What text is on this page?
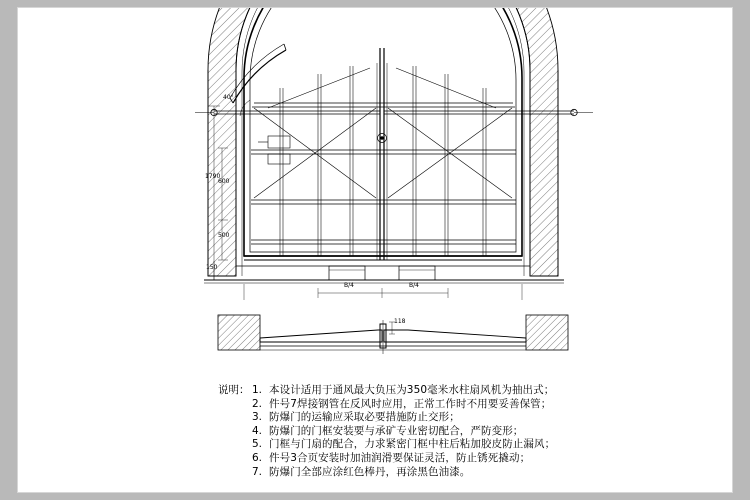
1790
600
500
150
B/4	B/4
118
40°
说明： 1. 本设计适用于通风最大负压为350毫米水柱扇风机为抽出式；
2. 件号7焊接钢管在反风时应用，正常工作时不用要妥善保管；
3. 防爆门的运输应采取必要措施防止交形；
4. 防爆门的门框安装要与承矿专业密切配合，严防变形；
5. 门框与门扇的配合，力求紧密门框中柱后粘加胶皮防止漏风；
6. 件号3合页安装时加油润滑要保证灵活，防止锈死撬动；
7. 防爆门全部应涂红色棒丹，再涂黑色油漆。
